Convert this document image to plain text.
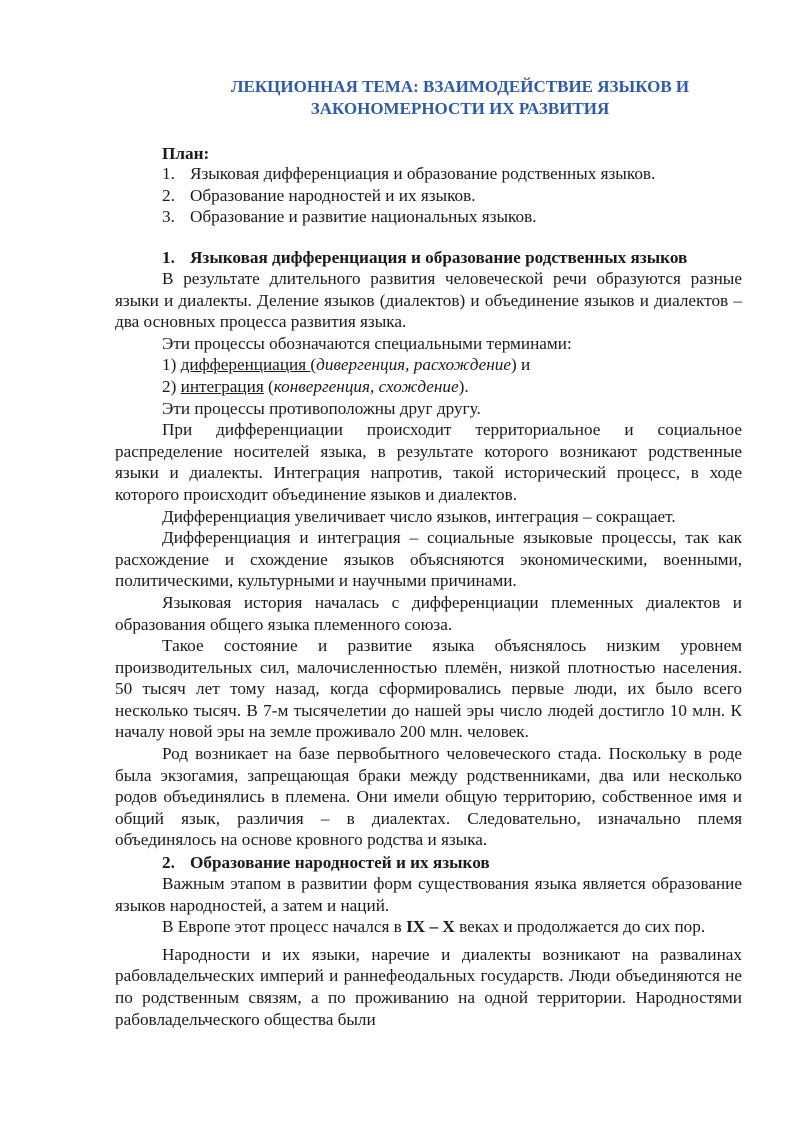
ЛЕКЦИОННАЯ ТЕМА: ВЗАИМОДЕЙСТВИЕ ЯЗЫКОВ И
ЗАКОНОМЕРНОСТИ ИХ РАЗВИТИЯ
План:
1. Языковая дифференциация и образование родственных языков.
2. Образование народностей и их языков.
3. Образование и развитие национальных языков.
1. Языковая дифференциация и образование родственных языков

В результате длительного развития человеческой речи образуются разные языки и диалекты. Деление языков (диалектов) и объединение языков и диалектов – два основных процесса развития языка.

Эти процессы обозначаются специальными терминами:

1) дифференциация (дивергенция, расхождение) и

2) интеграция (конвергенция, схождение).

Эти процессы противоположны друг другу.

При дифференциации происходит территориальное и социальное распределение носителей языка, в результате которого возникают родственные языки и диалекты. Интеграция напротив, такой исторический процесс, в ходе которого происходит объединение языков и диалектов.

Дифференциация увеличивает число языков, интеграция – сокращает.

Дифференциация и интеграция – социальные языковые процессы, так как расхождение и схождение языков объясняются экономическими, военными, политическими, культурными и научными причинами.

Языковая история началась с дифференциации племенных диалектов и образования общего языка племенного союза.

Такое состояние и развитие языка объяснялось низким уровнем производительных сил, малочисленностью племён, низкой плотностью населения. 50 тысяч лет тому назад, когда сформировались первые люди, их было всего несколько тысяч. В 7-м тысячелетии до нашей эры число людей достигло 10 млн. К началу новой эры на земле проживало 200 млн. человек.

Род возникает на базе первобытного человеческого стада. Поскольку в роде была экзогамия, запрещающая браки между родственниками, два или несколько родов объединялись в племена. Они имели общую территорию, собственное имя и общий язык, различия – в диалектах. Следовательно, изначально племя объединялось на основе кровного родства и языка.

2. Образование народностей и их языков

Важным этапом в развитии форм существования языка является образование языков народностей, а затем и наций.

В Европе этот процесс начался в IX – X веках и продолжается до сих пор.

Народности и их языки, наречие и диалекты возникают на развалинах рабовладельческих империй и раннефеодальных государств. Люди объединяются не по родственным связям, а по проживанию на одной территории. Народностями рабовладельческого общества были
